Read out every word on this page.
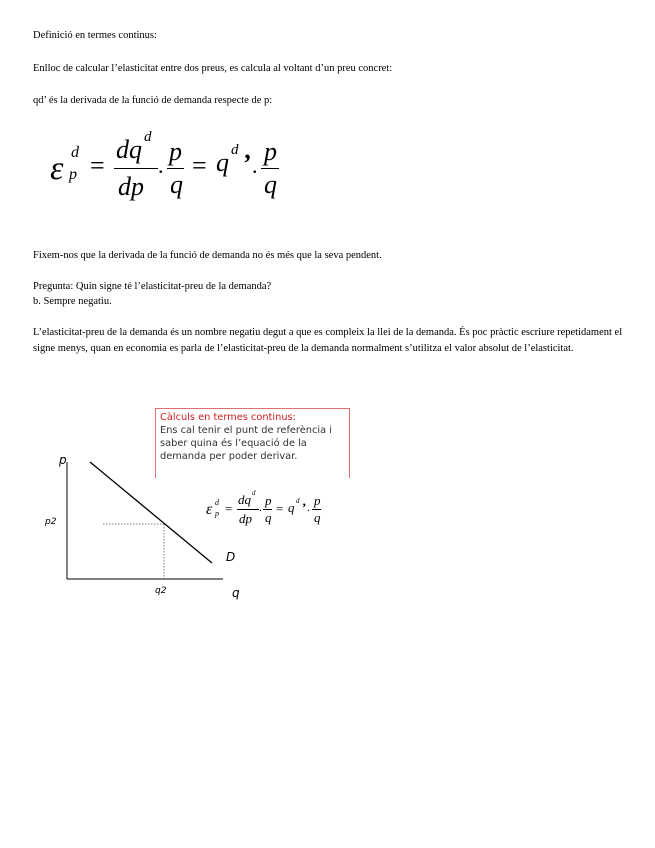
Definició en termes continus:

Enlloc de calcular l’elasticitat entre dos preus, es calcula al voltant d’un preu concret:

qd’ és la derivada de la funció de demanda respecte de p:

ε d
p =
dq d
dp
. p
q
= q d ’ . p
q

Fixem-nos que la derivada de la funció de demanda no és més que la seva pendent.

Pregunta: Quin signe té l’elasticitat-preu de la demanda?

b. Sempre negatiu.

L’elasticitat-preu de la demanda és un nombre negatiu degut a que es compleix la llei de la demanda. És poc pràctic escriure repetidament el signe menys, quan en economia es parla de l’elasticitat-preu de la demanda normalment s’utilitza el valor absolut de l’elasticitat.

p
q
p2
q2
D
ε d
p =
dq d
dp
. p
q
= q d ’ . p
q
Càlculs en termes continus:
Ens cal tenir el punt de referència i saber quina és l’equació de la demanda per poder derivar.
